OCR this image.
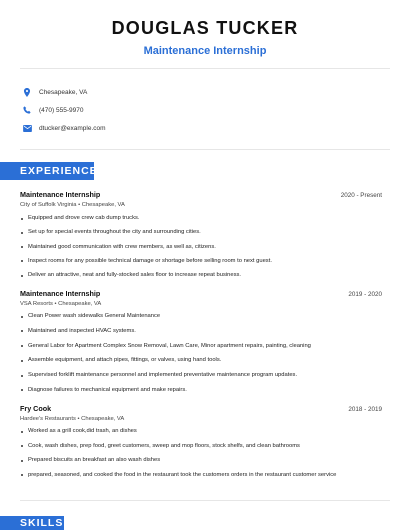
DOUGLAS TUCKER
Maintenance Internship
Chesapeake, VA
(470) 555-9970
dtucker@example.com
EXPERIENCE
Maintenance Internship	2020 - Present
City of Suffolk Virginia • Chesapeake, VA
Equipped and drove crew cab dump trucks.
Set up for special events throughout the city and surrounding cities.
Maintained good communication with crew members, as well as, citizens.
Inspect rooms for any possible technical damage or shortage before selling room to next guest.
Deliver an attractive, neat and fully-stocked sales floor to increase repeat business.
Maintenance Internship	2019 - 2020
VSA Resorts • Chesapeake, VA
Clean Power wash sidewalks General Maintenance
Maintained and inspected HVAC systems.
General Labor for Apartment Complex Snow Removal, Lawn Care, Minor apartment repairs, painting, cleaning
Assemble equipment, and attach pipes, fittings, or valves, using hand tools.
Supervised forklift maintenance personnel and implemented preventative maintenance program updates.
Diagnose failures to mechanical equipment and make repairs.
Fry Cook	2018 - 2019
Hardee's Restaurants • Chesapeake, VA
Worked as a grill cook,did trash, an dishes
Cook, wash dishes, prep food, greet customers, sweep and mop floors, stock shelfs, and clean bathrooms
Prepared biscuits an breakfast an also wash dishes
prepared, seasoned, and cooked the food in the restaurant took the customers orders in the restaurant customer service
SKILLS
